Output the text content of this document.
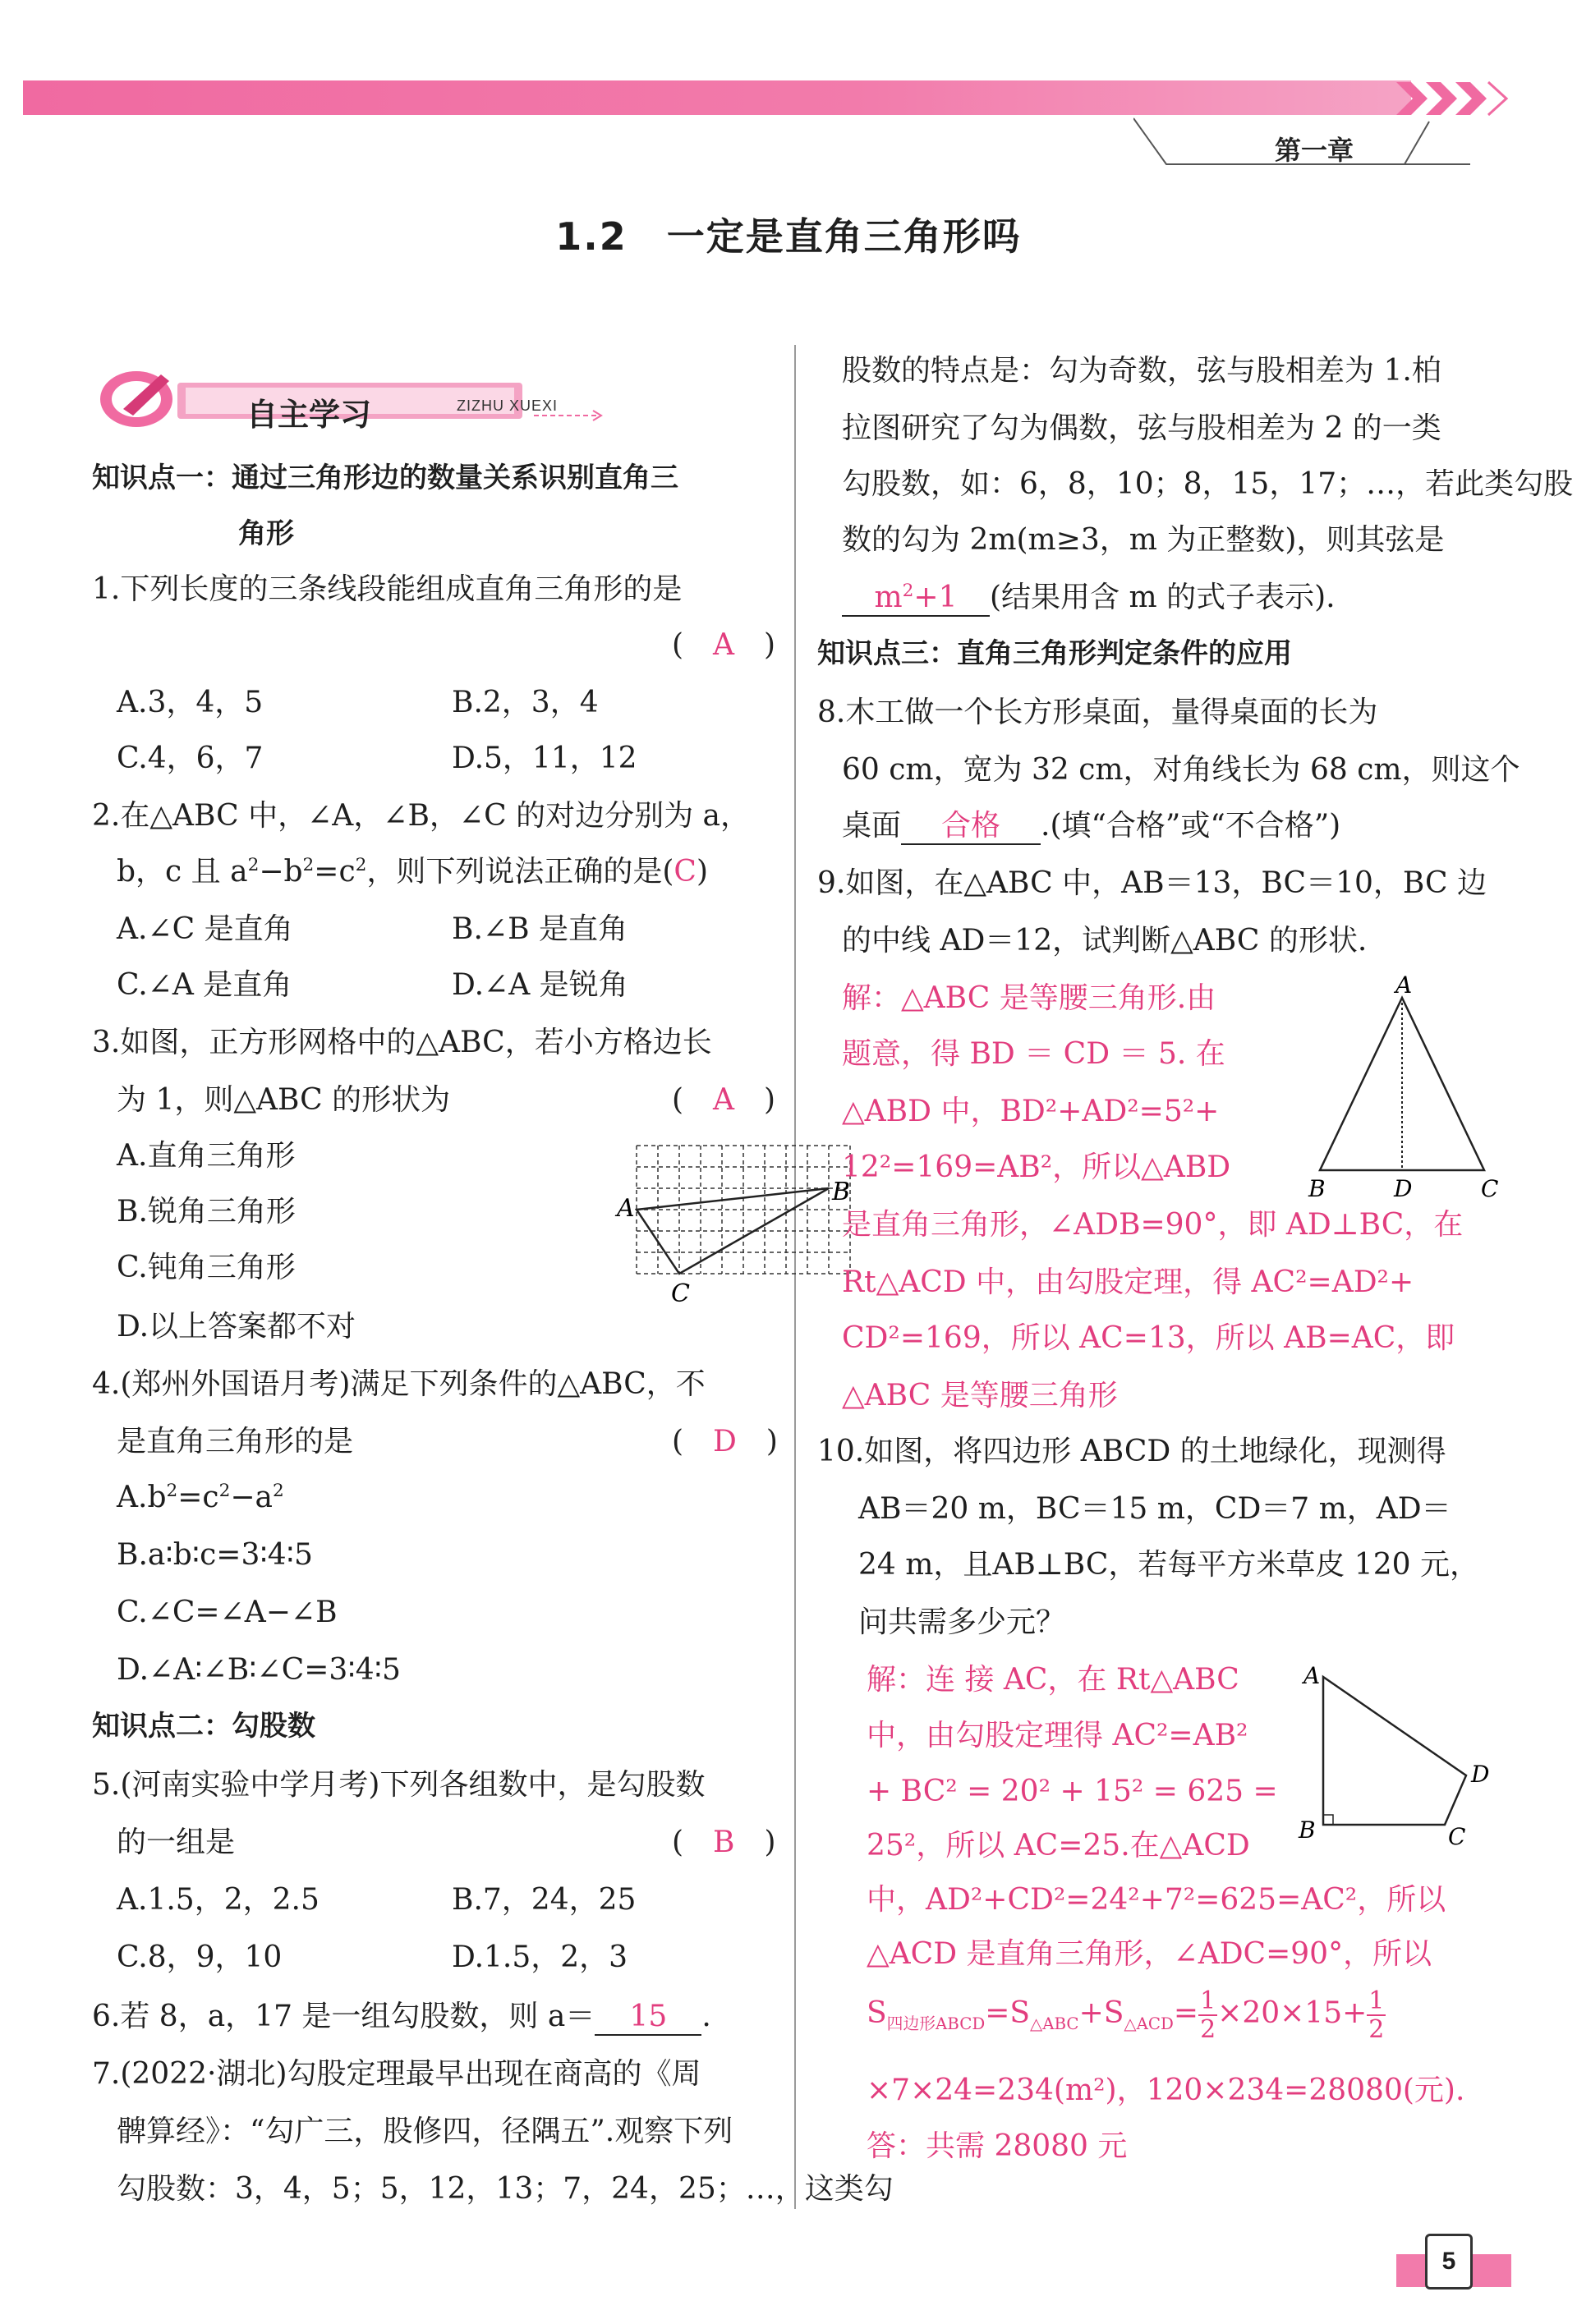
第一章
1.2　一定是直角三角形吗
自主学习	ZIZHU XUEXI
知识点一：通过三角形边的数量关系识别直角三
角形
1.下列长度的三条线段能组成直角三角形的是
(　A　)
A.3，4，5	B.2，3，4
C.4，6，7	D.5，11，12
2.在△ABC 中，∠A，∠B，∠C 的对边分别为 a，
b，c 且 $a^2-b^2=c^2$，则下列说法正确的是(C)
A.∠C 是直角	B.∠B 是直角
C.∠A 是直角	D.∠A 是锐角
3.如图，正方形网格中的△ABC，若小方格边长
为 1，则△ABC 的形状为	(　A　)
A.直角三角形
B.锐角三角形
C.钝角三角形
D.以上答案都不对
A
B
C
4.(郑州外国语月考)满足下列条件的△ABC，不
是直角三角形的是	(　D　)
$A.b^2=c^2-a^2$
B.a∶b∶c=3∶4∶5
C.∠C=∠A−∠B
D.∠A∶∠B∶∠C=3∶4∶5
知识点二：勾股数
5.(河南实验中学月考)下列各组数中，是勾股数
的一组是	(　B　)
A.1.5，2，2.5	B.7，24，25
C.8，9，10	D.1.5，2，3
6.若 8，a，17 是一组勾股数，则 a＝ 15 .
7.(2022·湖北)勾股定理最早出现在商高的《周
髀算经》：“勾广三，股修四，径隅五”.观察下列
勾股数：3，4，5；5，12，13；7，24，25；…，这类勾
股数的特点是：勾为奇数，弦与股相差为 1.柏
拉图研究了勾为偶数，弦与股相差为 2 的一类
勾股数，如：6，8，10；8，15，17；…，若此类勾股
数的勾为 2m(m≥3，m 为正整数)，则其弦是
$m^2+1$ (结果用含 m 的式子表示).
知识点三：直角三角形判定条件的应用
8.木工做一个长方形桌面，量得桌面的长为
60 cm，宽为 32 cm，对角线长为 68 cm，则这个
桌面 合格 .(填“合格”或“不合格”)
9.如图，在△ABC 中，AB＝13，BC＝10，BC 边
的中线 AD＝12，试判断△ABC 的形状.
解：△ABC 是等腰三角形.由
题意，得 BD ＝ CD ＝ 5. 在
△ABD 中，BD²+AD²=5²+
12²=169=AB²，所以△ABD
是直角三角形，∠ADB=90°，即 AD⊥BC，在
Rt△ACD 中，由勾股定理，得 AC²=AD²+
CD²=169，所以 AC=13，所以 AB=AC，即
△ABC 是等腰三角形
A
B	D	C
10.如图，将四边形 ABCD 的土地绿化，现测得
AB＝20 m，BC＝15 m，CD＝7 m，AD＝
24 m，且AB⊥BC，若每平方米草皮 120 元，
问共需多少元？
解：连 接 AC，在 Rt△ABC
中，由勾股定理得 AC²=AB²
+ BC² = 20² + 15² = 625 =
25²，所以 AC=25.在△ACD
中，AD²+CD²=24²+7²=625=AC²，所以
△ACD 是直角三角形，∠ADC=90°，所以
$S_{四边形ABCD}=S_{\triangle ABC}+S_{\triangle ACD}= \frac{1}{2} \times 20\times 15+ \frac{1}{2}$
×7×24=234(m²)，120×234=28080(元).
答：共需 28080 元
A
B	C
D
5
